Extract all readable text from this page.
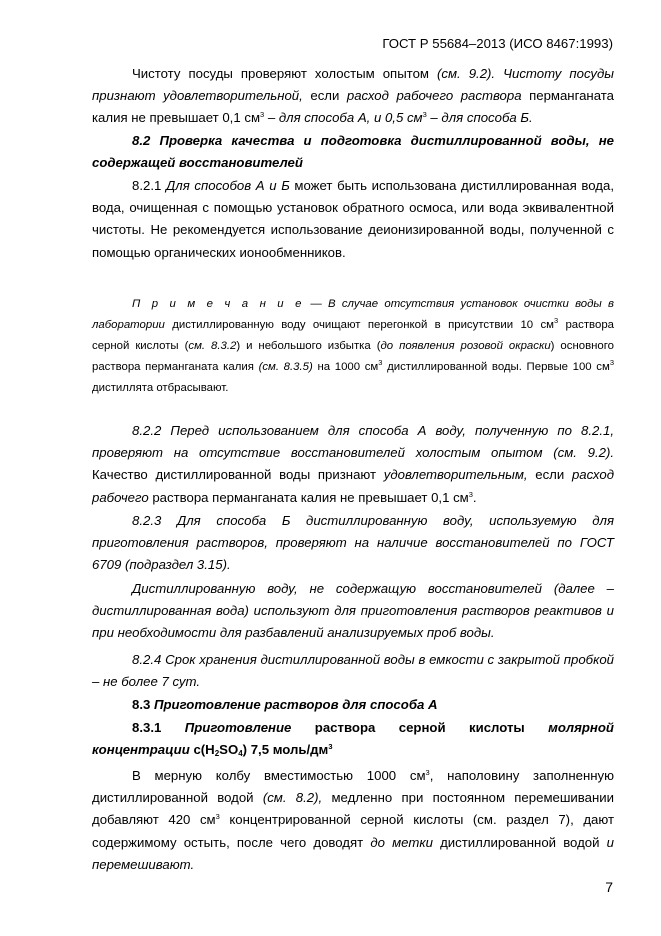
ГОСТ Р 55684–2013 (ИСО 8467:1993)

Чистоту посуды проверяют холостым опытом (см. 9.2). Чистоту посуды признают удовлетворительной, если расход рабочего раствора перманганата калия не превышает 0,1 $см^3$ – для способа А, и 0,5 $см^3$ – для способа Б.

8.2 Проверка качества и подготовка дистиллированной воды, не содержащей восстановителей

8.2.1 Для способов А и Б может быть использована дистиллированная вода, вода, очищенная с помощью установок обратного осмоса, или вода эквивалентной чистоты. Не рекомендуется использование деионизированной воды, полученной с помощью органических ионообменников.

П р и м е ч а н и е — В случае отсутствия установок очистки воды в лаборатории дистиллированную воду очищают перегонкой в присутствии 10 $см^3$ раствора серной кислоты (см. 8.3.2) и небольшого избытка (до появления розовой окраски) основного раствора перманганата калия (см. 8.3.5) на 1000 $см^3$ дистиллированной воды. Первые 100 $см^3$ дистиллята отбрасывают.

8.2.2 Перед использованием для способа А воду, полученную по 8.2.1, проверяют на отсутствие восстановителей холостым опытом (см. 9.2). Качество дистиллированной воды признают удовлетворительным, если расход рабочего раствора перманганата калия не превышает 0,1 $см^3$.

8.2.3 Для способа Б дистиллированную воду, используемую для приготовления растворов, проверяют на наличие восстановителей по ГОСТ 6709 (подраздел 3.15).

Дистиллированную воду, не содержащую восстановителей (далее – дистиллированная вода) используют для приготовления растворов реактивов и при необходимости для разбавлений анализируемых проб воды.

8.2.4 Срок хранения дистиллированной воды в емкости с закрытой пробкой – не более 7 сут.

8.3 Приготовление растворов для способа А

8.3.1 Приготовление раствора серной кислоты молярной концентрации $с(H_2SO_4)$ 7,5 моль/$дм^3$

В мерную колбу вместимостью 1000 $см^3$, наполовину заполненную дистиллированной водой (см. 8.2), медленно при постоянном перемешивании добавляют 420 $см^3$ концентрированной серной кислоты (см. раздел 7), дают содержимому остыть, после чего доводят до метки дистиллированной водой и перемешивают.

7
